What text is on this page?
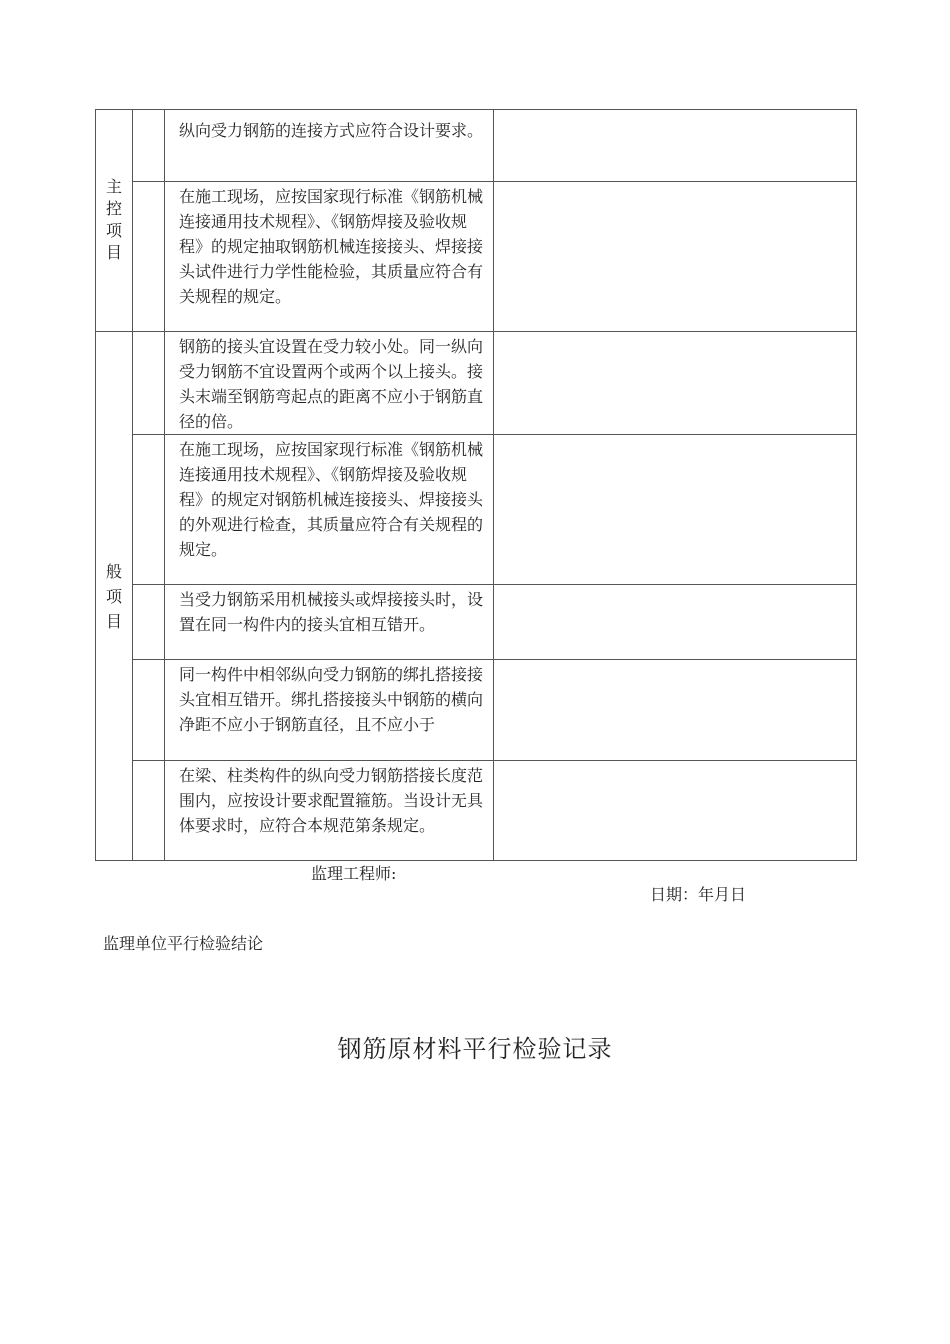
主控项目		纵向受力钢筋的连接方式应符合设计要求。	
		在施工现场，应按国家现行标准《钢筋机械连接通用技术规程》、《钢筋焊接及验收规程》的规定抽取钢筋机械连接接头、焊接接头试件进行力学性能检验，其质量应符合有关规程的规定。	
般项目		钢筋的接头宜设置在受力较小处。同一纵向受力钢筋不宜设置两个或两个以上接头。接头末端至钢筋弯起点的距离不应小于钢筋直径的倍。	
		在施工现场，应按国家现行标准《钢筋机械连接通用技术规程》、《钢筋焊接及验收规程》的规定对钢筋机械连接接头、焊接接头的外观进行检查，其质量应符合有关规程的规定。	
		当受力钢筋采用机械接头或焊接接头时，设置在同一构件内的接头宜相互错开。	
		同一构件中相邻纵向受力钢筋的绑扎搭接接头宜相互错开。绑扎搭接接头中钢筋的横向净距不应小于钢筋直径，且不应小于	
		在梁、柱类构件的纵向受力钢筋搭接长度范围内，应按设计要求配置箍筋。当设计无具体要求时，应符合本规范第条规定。	
监理工程师:
日期：年月日
监理单位平行检验结论
钢筋原材料平行检验记录
